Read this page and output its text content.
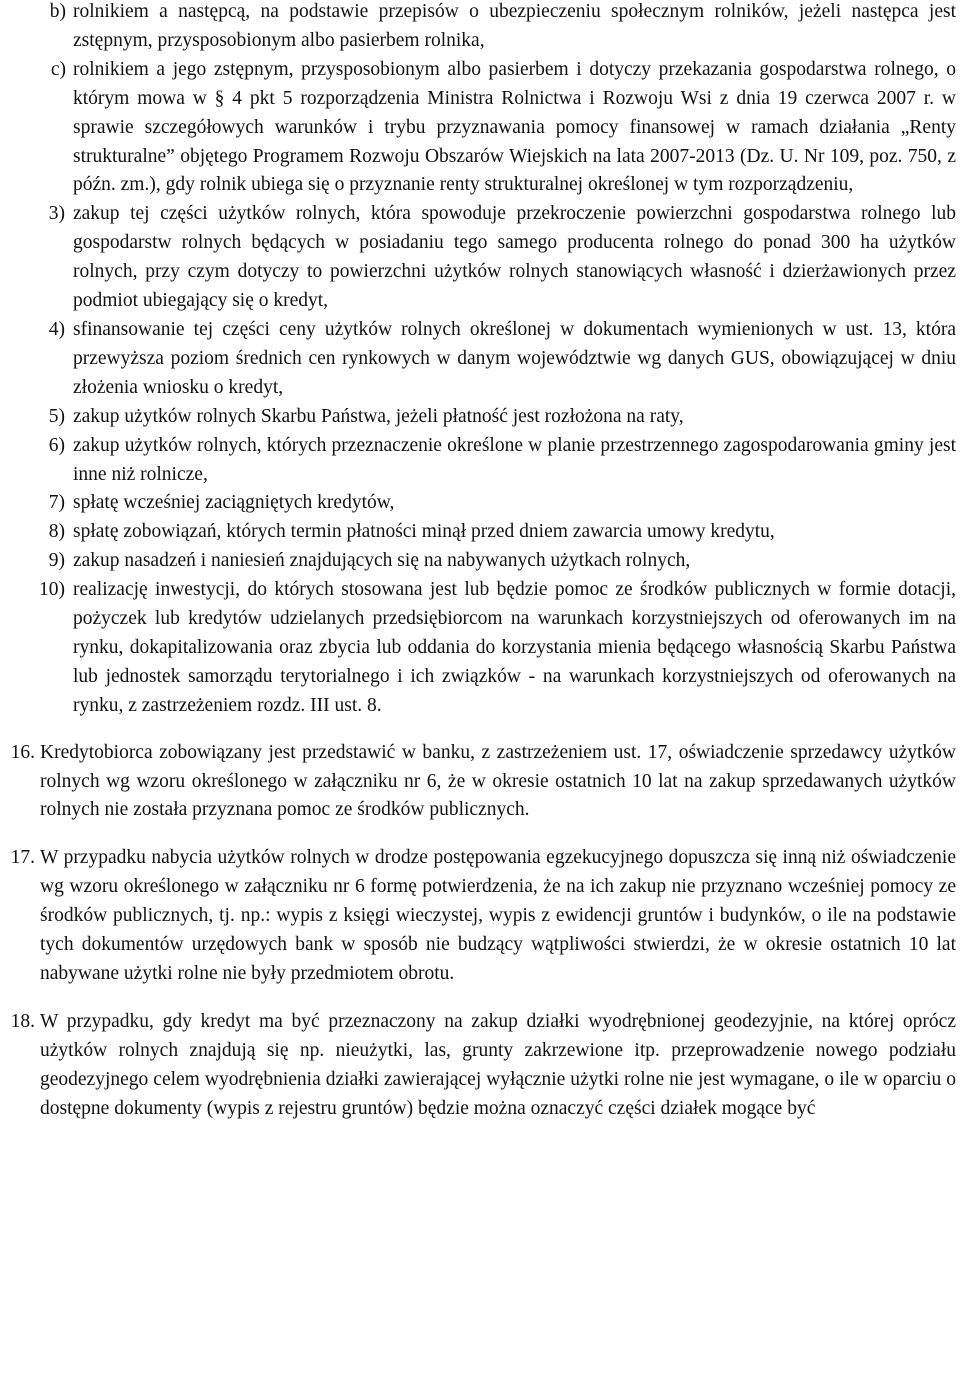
b) rolnikiem a następcą, na podstawie przepisów o ubezpieczeniu społecznym rolników, jeżeli następca jest zstępnym, przysposobionym albo pasierbem rolnika,
c) rolnikiem a jego zstępnym, przysposobionym albo pasierbem i dotyczy przekazania gospodarstwa rolnego, o którym mowa w § 4 pkt 5 rozporządzenia Ministra Rolnictwa i Rozwoju Wsi z dnia 19 czerwca 2007 r. w sprawie szczegółowych warunków i trybu przyznawania pomocy finansowej w ramach działania „Renty strukturalne” objętego Programem Rozwoju Obszarów Wiejskich na lata 2007-2013 (Dz. U. Nr 109, poz. 750, z późn. zm.), gdy rolnik ubiega się o przyznanie renty strukturalnej określonej w tym rozporządzeniu,
3) zakup tej części użytków rolnych, która spowoduje przekroczenie powierzchni gospodarstwa rolnego lub gospodarstw rolnych będących w posiadaniu tego samego producenta rolnego do ponad 300 ha użytków rolnych, przy czym dotyczy to powierzchni użytków rolnych stanowiących własność i dzierżawionych przez podmiot ubiegający się o kredyt,
4) sfinansowanie tej części ceny użytków rolnych określonej w dokumentach wymienionych w ust. 13, która przewyższa poziom średnich cen rynkowych w danym województwie wg danych GUS, obowiązującej w dniu złożenia wniosku o kredyt,
5) zakup użytków rolnych Skarbu Państwa, jeżeli płatność jest rozłożona na raty,
6) zakup użytków rolnych, których przeznaczenie określone w planie przestrzennego zagospodarowania gminy jest inne niż rolnicze,
7) spłatę wcześniej zaciągniętych kredytów,
8) spłatę zobowiązań, których termin płatności minął przed dniem zawarcia umowy kredytu,
9) zakup nasadzeń i naniesień znajdujących się na nabywanych użytkach rolnych,
10) realizację inwestycji, do których stosowana jest lub będzie pomoc ze środków publicznych w formie dotacji, pożyczek lub kredytów udzielanych przedsiębiorcom na warunkach korzystniejszych od oferowanych im na rynku, dokapitalizowania oraz zbycia lub oddania do korzystania mienia będącego własnością Skarbu Państwa lub jednostek samorządu terytorialnego i ich związków - na warunkach korzystniejszych od oferowanych na rynku, z zastrzeżeniem rozdz. III ust. 8.
16. Kredytobiorca zobowiązany jest przedstawić w banku, z zastrzeżeniem ust. 17, oświadczenie sprzedawcy użytków rolnych wg wzoru określonego w załączniku nr 6, że w okresie ostatnich 10 lat na zakup sprzedawanych użytków rolnych nie została przyznana pomoc ze środków publicznych.
17. W przypadku nabycia użytków rolnych w drodze postępowania egzekucyjnego dopuszcza się inną niż oświadczenie wg wzoru określonego w załączniku nr 6 formę potwierdzenia, że na ich zakup nie przyznano wcześniej pomocy ze środków publicznych, tj. np.: wypis z księgi wieczystej, wypis z ewidencji gruntów i budynków, o ile na podstawie tych dokumentów urzędowych bank w sposób nie budzący wątpliwości stwierdzi, że w okresie ostatnich 10 lat nabywane użytki rolne nie były przedmiotem obrotu.
18. W przypadku, gdy kredyt ma być przeznaczony na zakup działki wyodrębnionej geodezyjnie, na której oprócz użytków rolnych znajdują się np. nieużytki, las, grunty zakrzewione itp. przeprowadzenie nowego podziału geodezyjnego celem wyodrębnienia działki zawierającej wyłącznie użytki rolne nie jest wymagane, o ile w oparciu o dostępne dokumenty (wypis z rejestru gruntów) będzie można oznaczyć części działek mogące być
